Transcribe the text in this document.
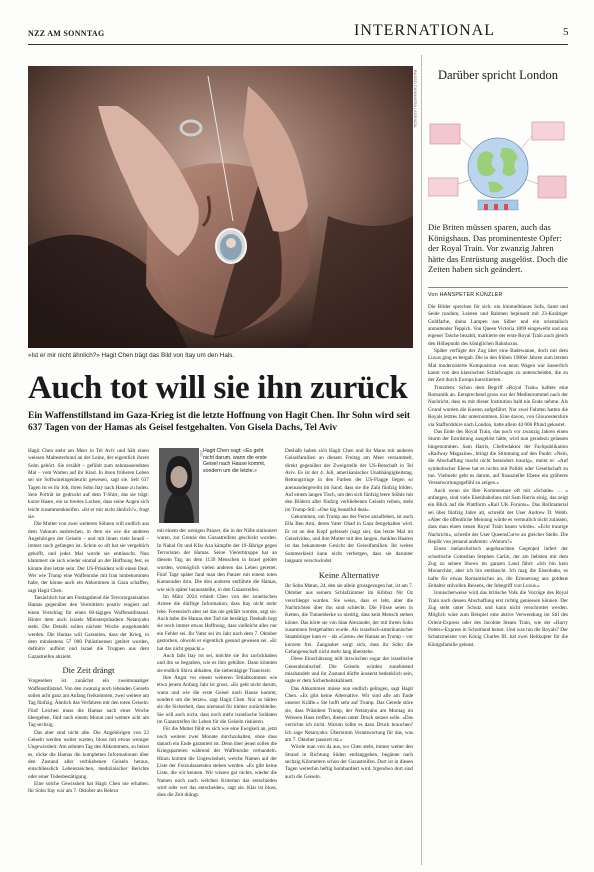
NZZ AM SONNTAG	INTERNATIONAL	5
BASSO CANNARSA / AGENZIA
«Ist er mir nicht ähnlich?» Hagit Chen trägt das Bild von Itay um den Hals.
Auch tot will sie ihn zurück
Ein Waffenstillstand im Gaza-Krieg ist die letzte Hoffnung von Hagit Chen. Ihr Sohn wird seit 637 Tagen von der Hamas als Geisel festgehalten. Von Gisela Dachs, Tel Aviv

Hagit Chen steht am Meer in Tel Aviv und hält einen weissen Maltesterhund an der Leine, der eigentlich ihrem Sohn gehört. Sie erzählt – gefühlt zum zehntausendsten Mal – vom Warten auf ihr Kind. In ihren früheren Leben sei sie Softwareingenieurin gewesen, sagt sie. Seit 637 Tagen ist es ihr Job, ihren Sohn Itay nach Hause zu holen. Sein Porträt ist gedruckt auf dem T-Shirt, das sie trägt: kurze Haare, ein so breites Lachen, dass seine Augen sich leicht zusammenkneifen. «Ist er mir nicht ähnlich?», fragt sie.

Die Mutter von zwei weiteren Söhnen will endlich aus dem Vakuum ausbrechen, in dem sie wie die anderen Angehörigen der Geiseln – und mit ihnen viele Israeli – immer noch gefangen ist. Schon so oft hat sie vergeblich gehofft, und jedes Mal wurde sie enttäuscht. Nun klammert sie sich wieder einmal an der Hoffnung fest, es könnte ihre letzte sein: Der US-Präsident will einen Deal. Wer wie Trump eine Waffenruhe mit Iran hinbekommen habe, der könne auch ein Abkommen in Gaza schaffen, sagt Hagit Chen.

Tatsächlich hat am Freitagabend die Terrororganisation Hamas gegenüber den Vermittlern positiv reagiert auf einen Vorschlag für einen 60-tägigen Waffenstillstand. Hinter dem auch Israels Ministerpräsident Netanyahu steht. Die Details sollen nächste Woche ausgehandelt werden. Die Hamas will Garantien, dass der Krieg, in dem mindestens 57 000 Palästinenser getötet wurden, definitiv aufhört und Israel die Truppen aus dem Gazastreifen abzieht.

Die Zeit drängt

Vorgesehen ist zunächst ein zweimonatiger Waffenstillstand. Von den zwanzig noch lebenden Geiseln sollen acht ganz am Anfang freikommen, zwei weitere am Tag fünfzig. Ähnlich das Verfahren mit den toten Geiseln: Fünf Leichen muss die Hamas nach einer Woche übergeben, fünf nach einem Monat und weitere acht am Tag sechzig.

Das aber sind nicht alle. Die Angehörigen von 22 Geiseln werden weiter warten, bloss mit etwas weniger Ungewissheit: Am zehnten Tag des Abkommens, so heisst es, rücke die Hamas die kompletten Informationen über den Zustand aller verbliebenen Geiseln heraus, einschliesslich Lebenszeichen, medizinischer Berichte oder einer Todesbestätigung.

Eine solche Gewissheit hat Hagit Chen nie erhalten. Ihr Sohn Itay war am 7. Oktober als Rekrut

ZVG Hagit Chen sagt: «Es geht nicht darum, wann die erste Geisel nach Hause kommt, sondern um die letzte.»

mit einem der wenigen Panzer, die in der Nähe stationiert waren, zur Grenze des Gazastreifens geschickt worden. In Nahal Oz und Kfar Aza kämpfte der 19-Jährige gegen Terroristen der Hamas. Seine Viererbtruppe hat an diesem Tag, an dem 1139 Menschen in Israel getötet wurden, womöglich vielen anderen das Leben gerettet. Fünf Tage später fand man den Panzer mit einem toten Kameraden drin. Die drei anderen entführte die Hamas, wie sich später herausstellte, in den Gazastreifen.

Im März 2024 erhielt Chen von der israelischen Armee die dürftige Information, dass Itay nicht mehr lebe. Forensisch aber sei das nie geklärt worden, sagt sie. Auch habe die Hamas den Tod nie bestätigt. Deshalb hegt sie noch immer etwas Hoffnung, dass vielleicht alles nur ein Fehler sei. Ihr Vater sei im Jahr nach dem 7. Oktober gestorben, obwohl er eigentlich gesund gewesen sei. «Er hat das nicht gepackt.»

Auch falls Itay tot sei, möchte sie ihn zurückhaben und ihn so begraben, wie es ihm gebühre. Dann könnten sie endlich Shiva abhalten, die siebentägige Trauerzeit.

Ihre Angst vor einem weiteren Teilabkommen wie etwa jenem Anfang Jahr ist gross. «Es geht nicht darum, wann und wie die erste Geisel nach Hause kommt, sondern um die letzte», sagt Hagit Chen. Nur so hätten sie die Sicherheit, dass niemand für immer zurückbleibe. Sie will auch nicht, dass noch mehr israelische Soldaten im Gazastreifen ihr Leben für die Geiseln riskieren.

Für die Mutter fühlt es sich wie eine Ewigkeit an, jetzt noch weitere zwei Monate durchzuhalten, ohne dass danach ein Ende garantiert ist. Denn über jenen sollen die Kriegsparteien während der Waffenruhe verhandeln. Hinzu kommt die Ungewissheit, welche Namen auf der Liste der Freizulassenden stehen werden. «Es gibt keine Liste, die wir kennen. Wir wissen gar nichts, wieder die Namen noch nach welchen Kriterien das entschieden wird oder wer das entscheidet», sagt sie. Klar ist bloss, dass die Zeit drängt.

Deshalb haben sich Hagit Chen und ihr Mann mit anderen Geiselfamilien an diesem Freitag am Meer versammelt, direkt gegenüber der Zweigstelle der US-Botschaft in Tel Aviv. Es ist der 4. Juli, amerikanischer Unabhängigkeitstag. Rettungsringe in den Farben der US-Flagge liegen so aneinandergereiht im Sand, dass sie die Zahl fünfzig bilden. Auf einem langen Tisch, um den sich fünfzig leere Stühle mit den Bildern aller fünfzig verbliebenen Geiseln reihen, steht im Trump-Stil: «One big beautiful deal».

Gekommen, um Trump aus der Ferne anzuflehen, ist auch Ella Ben Ami, deren Vater Ohad in Gaza festgehalten wird. Er ist an den Kopf gefesselt (sagt sie), das letzte Mal im Geiselvideo, und ihre Mutter mit den langen, dunklen Haaren ist das bekannteste Gesicht der Geiselfamilien. Ihr weites Sommerkleid kann nicht verbergen, dass sie darunter langsam verschwindet.

Keine Alternative

Ihr Sohn Matan, 24, den sie allein grossgezogen hat, ist am 7. Oktober aus seinem Schlafzimmer im Kibbuz Nir Oz verschleppt worden. Sie weiss, dass er lebt, aber die Nachrichten über ihn sind schlecht. Die Filsse seien in Ketten, die Tunneldecke so niedrig, dass kein Mensch stehen könne. Das hörte sie von Idan Alexander, der mit ihrem Sohn zusammen festgehalten wurde. Als israelisch-amerikanischer Staatsbürger kam er – als «Geste» der Hamas an Trump – vor kurzem frei. Zangauker sorgt sich, dass ihr Sohn die Gefangenschaft nicht mehr lang überstehe.

Diese Einschätzung teilt inzwischen sogar der israelische Generalstabschef. Die Geiseln würden zunehmend misshandelt und ihr Zustand dürfte äusserst bedenklich sein, sagte er dem Sicherheitskabinett.

Das Abkommen müsse nun endlich gelingen, sagt Hagit Chen. «Es gibt keine Alternative. Wir sind alle am Ende unserer Kräfte.» Sie hofft sehr auf Trump. Das Gerede störe sie, dass Präsident Trump, der Netanyahu am Montag im Weissen Haus treffen, dienen unter Druck setzen solle. «Das verrichte ich nicht. Warum sollte es dazu Druck brauchen? Ich sage Netanyahu: Übernimm Verantwortung für das, was am 7. Oktober passiert ist.»

Würde man von da aus, wo Chen steht, immer weiter den Strand in Richtung Süden entlanggehen, begänne nach sechzig Kilometern schon der Gazastreifen. Dort ist in diesen Tagen weiterhin heftig bombardiert wird. Irgendwo dort sind auch die Geiseln.

Darüber spricht London
Die Briten müssen sparen, auch das Königshaus. Das prominenteste Opfer: der Royal Train. Vor zwanzig Jahren hätte das Entrüstung ausgelöst. Doch die Zeiten haben sich geändert.
Von HANSPETER KÜNZLER

Die Bilder sprechen für sich: ein himmelblaues Sofa, Samt und Seide rundum, Leisten und Rahmen bepinselt mit 23-Karätiger Goldfarbe, daina Lampen aus Silber und ein orientalisch anmutender Teppich. Von Queen Victoria 1869 eingeweiht und aus eigener Tasche bezahlt, markierte der erste Royal Train auch gleich den Höhepunkt des königlichen Bahnluxus.

Später verfügte der Zug über eine Badewanne, doch mit dem Luxus ging es bergab. Die in den frühen 1980er Jahren zum letzten Mal modernisierte Komposition von neun Wagen war äusserlich kaum von den klassischen Schlafwagen zu unterscheiden, die zu der Zeit durch Europa kutschierten.

Trotzdem: Schon dem Begriff «Royal Train» haftete eine Romantik an. Entsprechend gross war der Medienrummel nach der Nachricht, dass es mit dieser Institution bald ein Ende nehme. Als Grund wurden die Kosten aufgeführt. Nur zwei Fahrten hatten die Royals letztes Jahr unternommen. Eine davon, von Gloucestershire via Staffordshire nach London, hatte allein 44 000 Pfund gekostet.

Das Ende des Royal Train, das noch vor zwanzig Jahren einen Sturm der Entrüstung ausgelöst hätte, wird nun geradezu gelassen hingenommen. Sam Harris, Chefredaktor der Fachpublikation «Railway Magazine», bringt die Stimmung auf den Punkt: «Nein, die Abschaffung macht nicht besonders traurig», meint er. «Auf symbolischer Ebene hat es nichts mit Politik oder Gesellschaft zu tun. Vielmehr geht es darum, auf finanzieller Ebene ein gröberes Verantwortungsgefühl zu zeigen.»

Auch wenn sie Ihre Kommentare oft mit «Schade» … » anfangen, sind viele Eisenbahnfans mit Sam Harris einig, das zeigt ein Blick auf die Plattform «Rail UK Forums». Das Rollmaterial sei über fünfzig Jahre alt, schreibt der User Andrew D. Webb. «Aber die öffentliche Meinung würde es vermutlich nicht zulassen, dass man einen neuen Royal Train bauen würde». «Echt traurige Nachricht», schreibt der User QueensCurve an gleicher Stelle. Die Replik von jemand anderem: «Warum?»

Einen melancholisch angehauchten Gegenpol liefert der schottische Comedian Stephen Carlin, der am liebsten mit dem Zug zu seinen Shows im ganzen Land fährt: «Ich bin kein Monarchist, aber ich bin enttäuscht. Ich mag die Eisenbahn, es hafte für etwas Romantisches an, die Erinnerung ans goldene Zeitalter stilvollen Reisens, der Inbegriff von Luxus.»

Ironischerweise wird das britische Volk die Vorzüge des Royal Train nach dessen Abschaffung erst richtig geniessen können. Der Zug steht unter Schutz und kann nicht verschrottet werden. Möglich wäre zum Beispiel eine aktive Verwendung im Stil des Orient-Express oder des Jacobite Steam Train, wie der «Harry Potter»-Express in Schottland heisst. Und was tun die Royals? Der Schatzmeister von König Charles III. hat zwei Helikopter für die Königsfamilie geleast.
